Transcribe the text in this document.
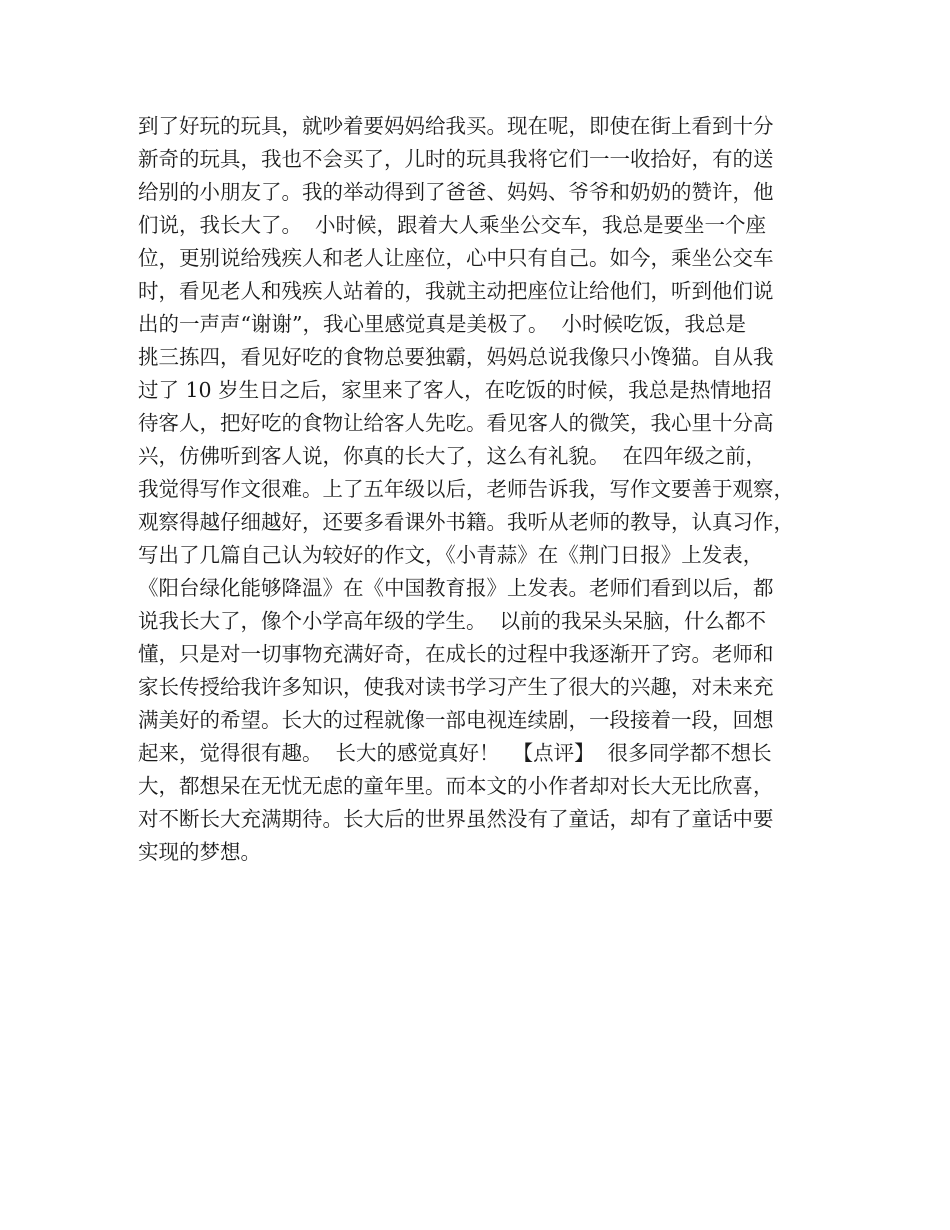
到了好玩的玩具，就吵着要妈妈给我买。现在呢，即使在街上看到十分
新奇的玩具，我也不会买了，儿时的玩具我将它们一一收拾好，有的送
给别的小朋友了。我的举动得到了爸爸、妈妈、爷爷和奶奶的赞许，他
们说，我长大了。  小时候，跟着大人乘坐公交车，我总是要坐一个座
位，更别说给残疾人和老人让座位，心中只有自己。如今，乘坐公交车
时，看见老人和残疾人站着的，我就主动把座位让给他们，听到他们说
出的一声声“谢谢”，我心里感觉真是美极了。  小时候吃饭，我总是
挑三拣四，看见好吃的食物总要独霸，妈妈总说我像只小馋猫。自从我
过了 10 岁生日之后，家里来了客人，在吃饭的时候，我总是热情地招
待客人，把好吃的食物让给客人先吃。看见客人的微笑，我心里十分高
兴，仿佛听到客人说，你真的长大了，这么有礼貌。  在四年级之前，
我觉得写作文很难。上了五年级以后，老师告诉我，写作文要善于观察，
观察得越仔细越好，还要多看课外书籍。我听从老师的教导，认真习作，
写出了几篇自己认为较好的作文，《小青蒜》在《荆门日报》上发表，
《阳台绿化能够降温》在《中国教育报》上发表。老师们看到以后，都
说我长大了，像个小学高年级的学生。  以前的我呆头呆脑，什么都不
懂，只是对一切事物充满好奇，在成长的过程中我逐渐开了窍。老师和
家长传授给我许多知识，使我对读书学习产生了很大的兴趣，对未来充
满美好的希望。长大的过程就像一部电视连续剧，一段接着一段，回想
起来，觉得很有趣。  长大的感觉真好！  【点评】  很多同学都不想长
大，都想呆在无忧无虑的童年里。而本文的小作者却对长大无比欣喜，
对不断长大充满期待。长大后的世界虽然没有了童话，却有了童话中要
实现的梦想。
